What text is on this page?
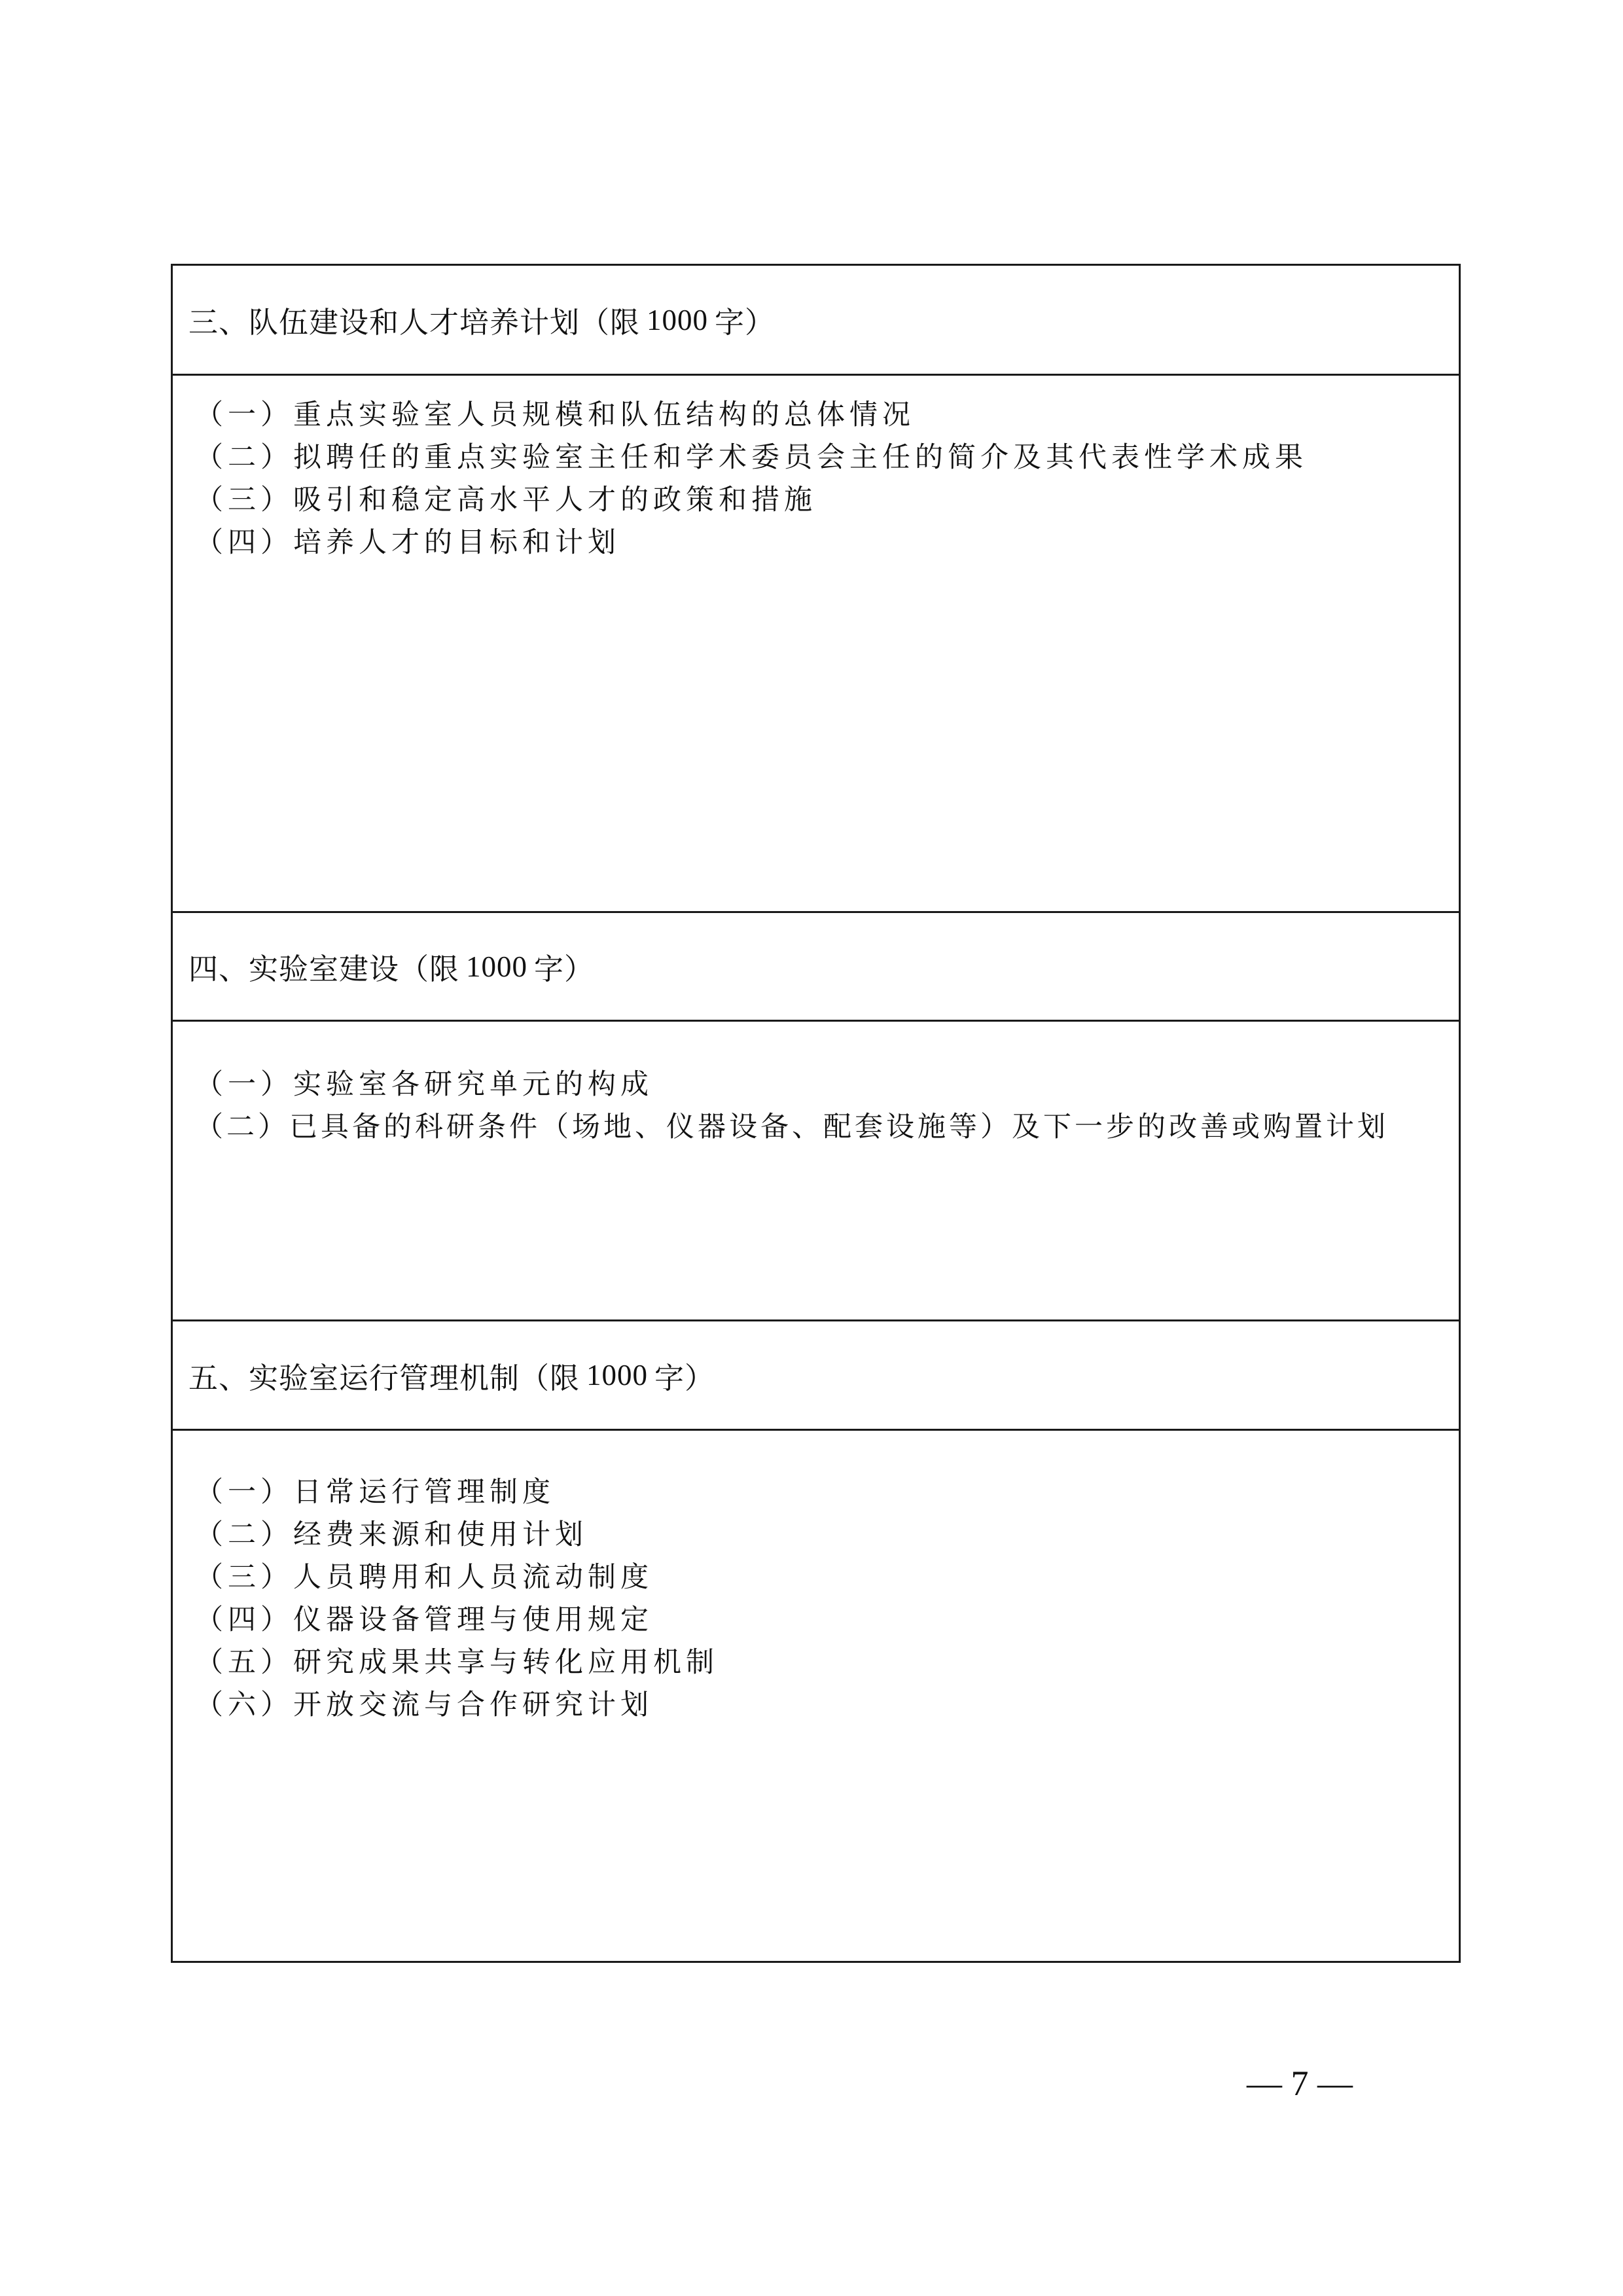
三、队伍建设和人才培养计划（限 1000 字）
（一）重点实验室人员规模和队伍结构的总体情况
（二）拟聘任的重点实验室主任和学术委员会主任的简介及其代表性学术成果
（三）吸引和稳定高水平人才的政策和措施
（四）培养人才的目标和计划
四、实验室建设（限 1000 字）
（一）实验室各研究单元的构成
（二）已具备的科研条件（场地、仪器设备、配套设施等）及下一步的改善或购置计划
五、实验室运行管理机制（限 1000 字）
（一）日常运行管理制度
（二）经费来源和使用计划
（三）人员聘用和人员流动制度
（四）仪器设备管理与使用规定
（五）研究成果共享与转化应用机制
（六）开放交流与合作研究计划
— 7 —
